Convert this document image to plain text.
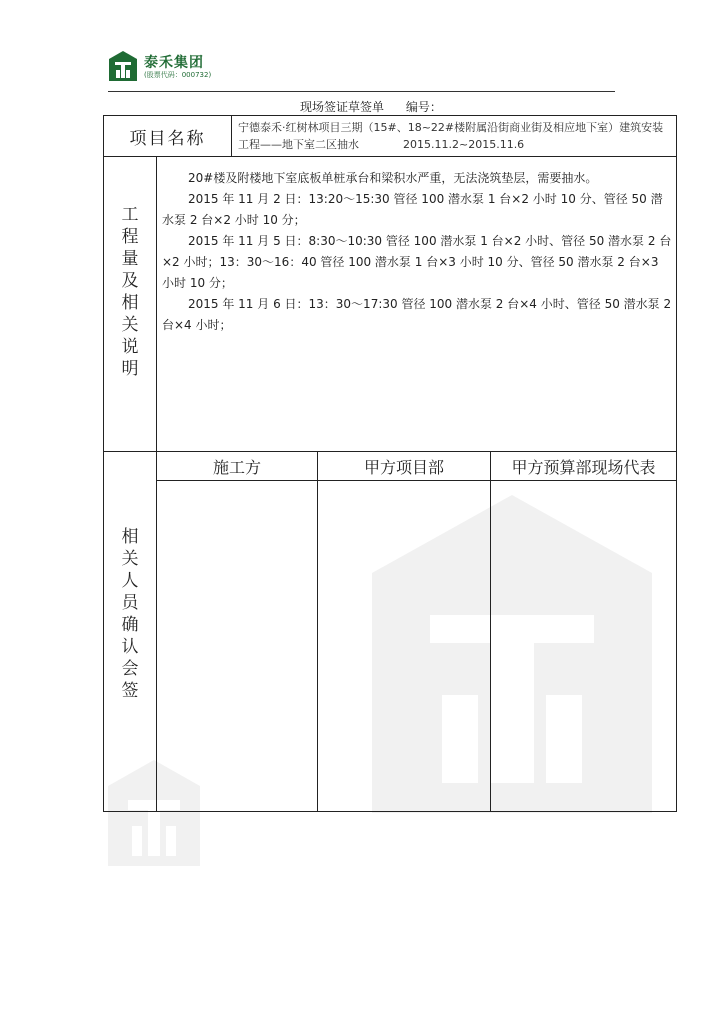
泰禾集团
(股票代码：000732)
现场签证草签单 编号：
项目名称
宁德泰禾·红树林项目三期（15#、18~22#楼附属沿街商业街及相应地下室）建筑安装工程——地下室二区抽水	2015.11.2~2015.11.6
工程量及相关说明

20#楼及附楼地下室底板单桩承台和梁积水严重，无法浇筑垫层，需要抽水。

2015 年 11 月 2 日：13:20～15:30 管径 100 潜水泵 1 台×2 小时 10 分、管径 50 潜水泵 2 台×2 小时 10 分；

2015 年 11 月 5 日：8:30～10:30 管径 100 潜水泵 1 台×2 小时、管径 50 潜水泵 2 台×2 小时；13：30～16：40 管径 100 潜水泵 1 台×3 小时 10 分、管径 50 潜水泵 2 台×3 小时 10 分；

2015 年 11 月 6 日：13：30～17:30 管径 100 潜水泵 2 台×4 小时、管径 50 潜水泵 2 台×4 小时；

相关人员确认会签
施工方	甲方项目部	甲方预算部现场代表
